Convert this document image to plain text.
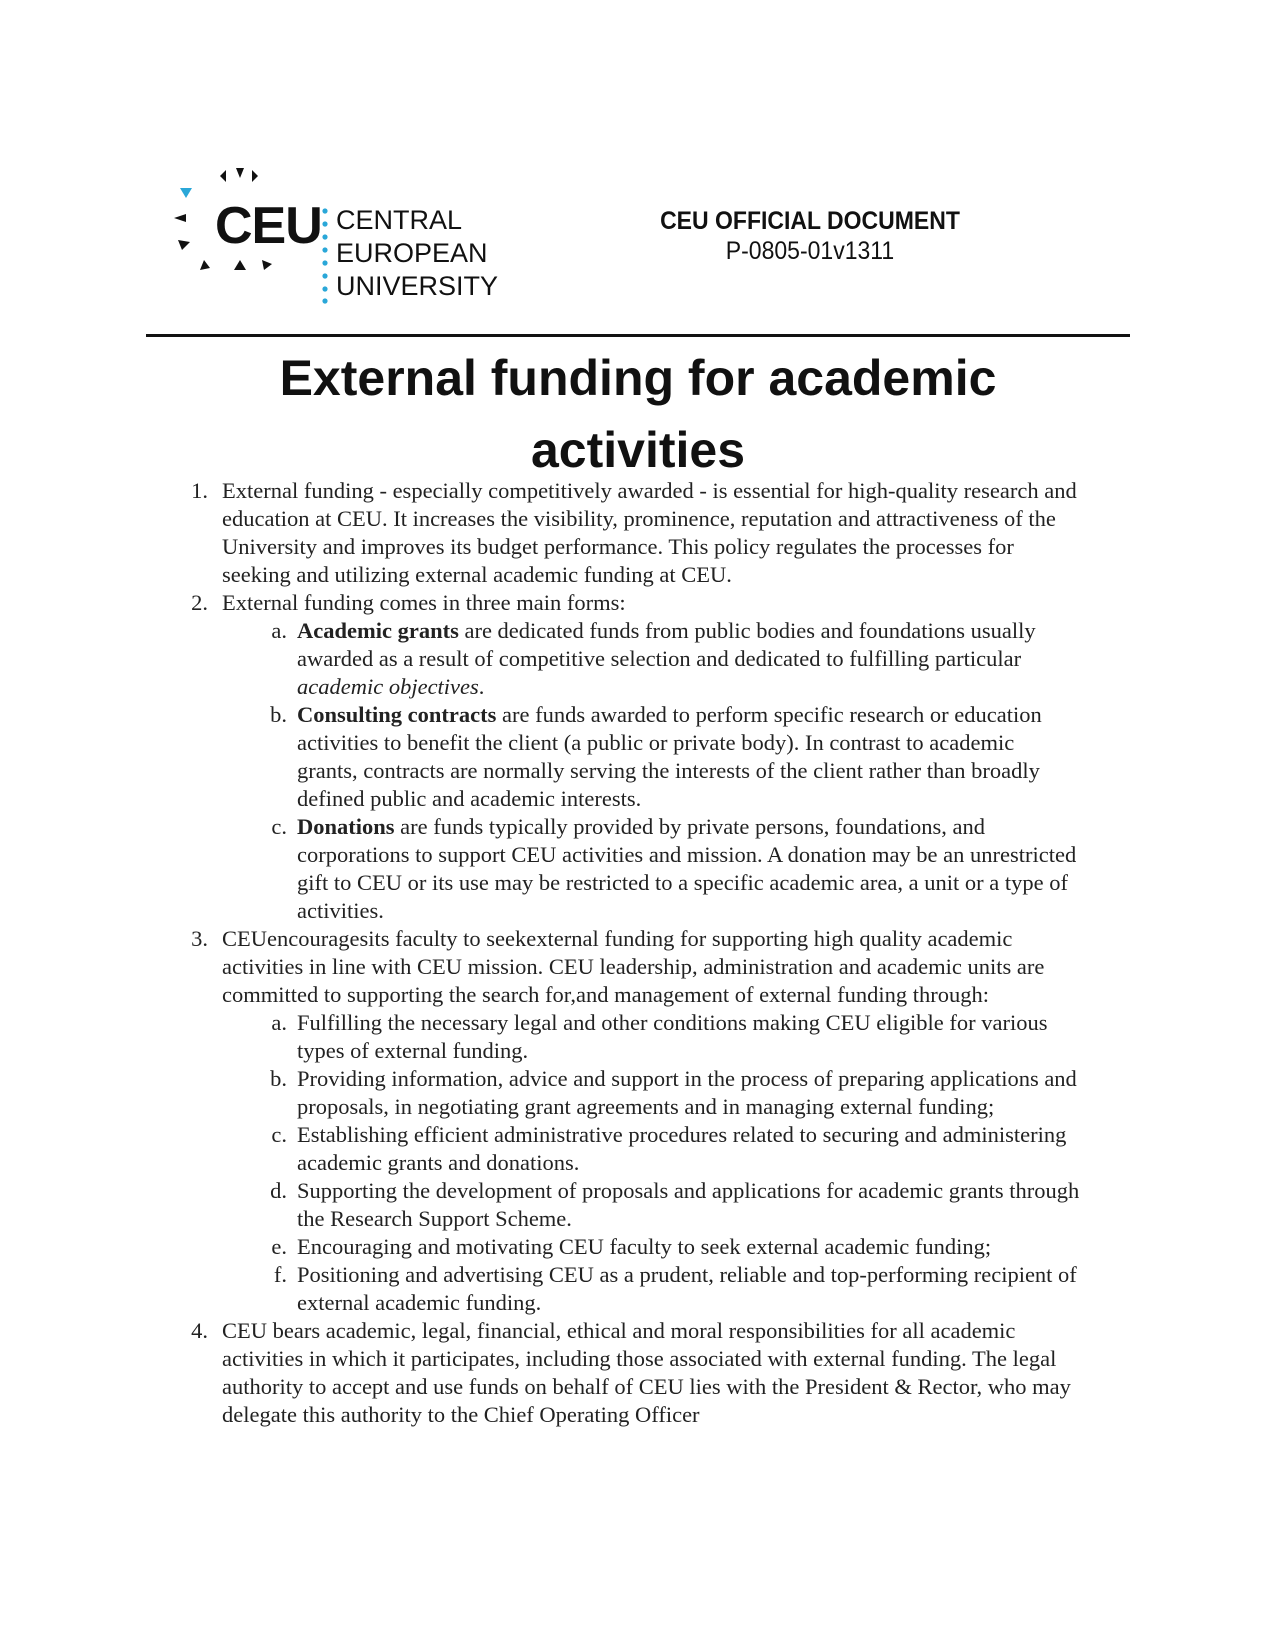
CEU CENTRAL
EUROPEAN
UNIVERSITY
CEU OFFICIAL DOCUMENT
P-0805-01v1311
External funding for academic
activities
1. External funding - especially competitively awarded - is essential for high-quality research and education at CEU. It increases the visibility, prominence, reputation and attractiveness of the University and improves its budget performance. This policy regulates the processes for seeking and utilizing external academic funding at CEU.
2. External funding comes in three main forms:
a. Academic grants are dedicated funds from public bodies and foundations usually awarded as a result of competitive selection and dedicated to fulfilling particular academic objectives.
b. Consulting contracts are funds awarded to perform specific research or education activities to benefit the client (a public or private body). In contrast to academic grants, contracts are normally serving the interests of the client rather than broadly defined public and academic interests.
c. Donations are funds typically provided by private persons, foundations, and corporations to support CEU activities and mission. A donation may be an unrestricted gift to CEU or its use may be restricted to a specific academic area, a unit or a type of activities.
3. CEUencouragesits faculty to seekexternal funding for supporting high quality academic activities in line with CEU mission. CEU leadership, administration and academic units are committed to supporting the search for,and management of external funding through:
a. Fulfilling the necessary legal and other conditions making CEU eligible for various types of external funding.
b. Providing information, advice and support in the process of preparing applications and proposals, in negotiating grant agreements and in managing external funding;
c. Establishing efficient administrative procedures related to securing and administering academic grants and donations.
d. Supporting the development of proposals and applications for academic grants through the Research Support Scheme.
e. Encouraging and motivating CEU faculty to seek external academic funding;
f. Positioning and advertising CEU as a prudent, reliable and top-performing recipient of external academic funding.
4. CEU bears academic, legal, financial, ethical and moral responsibilities for all academic activities in which it participates, including those associated with external funding. The legal authority to accept and use funds on behalf of CEU lies with the President & Rector, who may delegate this authority to the Chief Operating Officer
